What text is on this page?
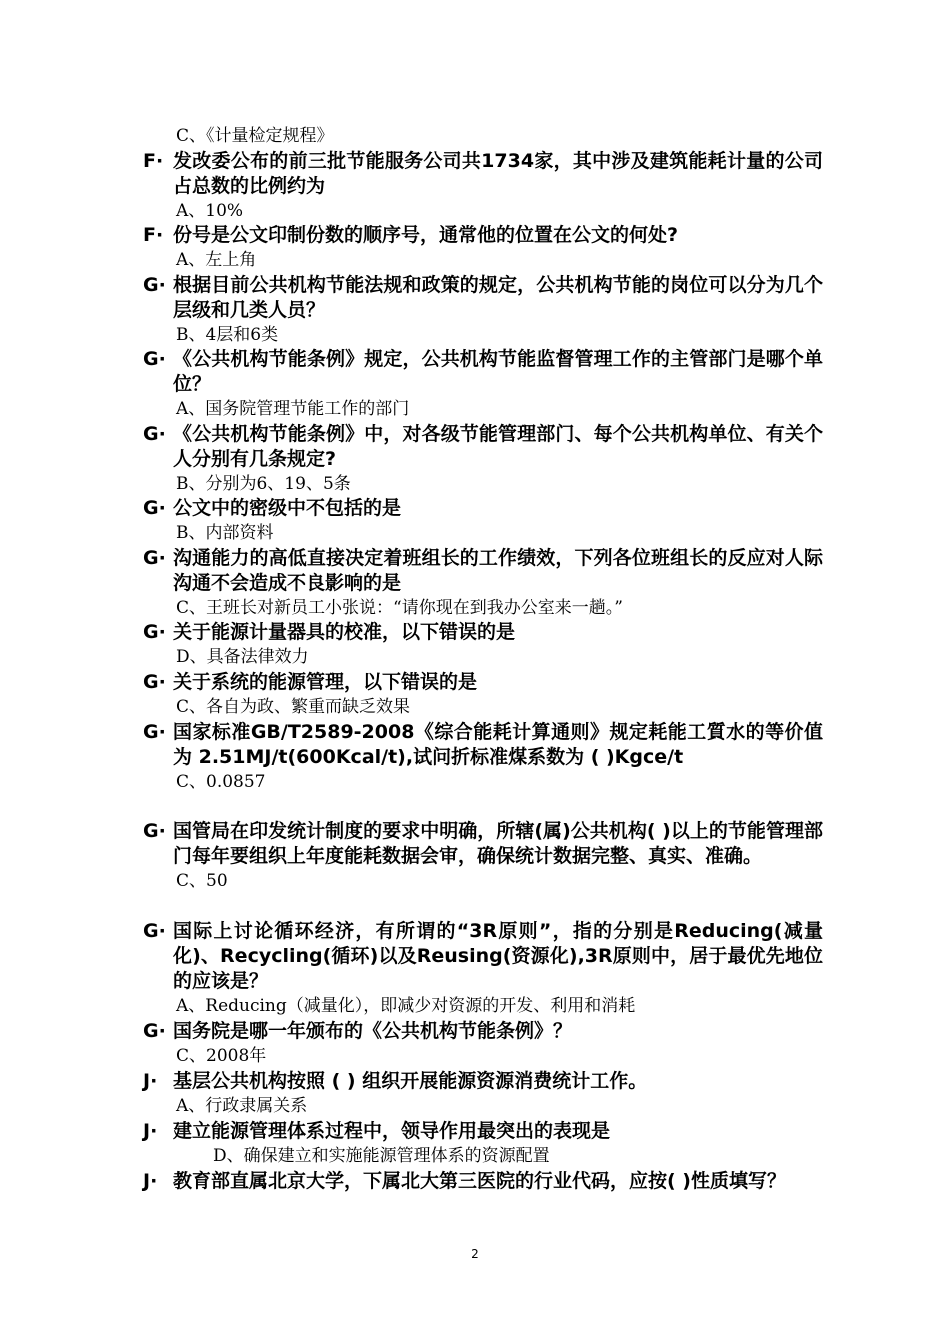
C、《计量检定规程》
F· 发改委公布的前三批节能服务公司共1734家，其中涉及建筑能耗计量的公司占总数的比例约为
A、10%
F· 份号是公文印制份数的顺序号，通常他的位置在公文的何处?
A、左上角
G· 根据目前公共机构节能法规和政策的规定，公共机构节能的岗位可以分为几个层级和几类人员？
B、4层和6类
G· 《公共机构节能条例》规定，公共机构节能监督管理工作的主管部门是哪个单位？
A、国务院管理节能工作的部门
G· 《公共机构节能条例》中，对各级节能管理部门、每个公共机构单位、有关个人分别有几条规定?
B、分别为6、19、5条
G· 公文中的密级中不包括的是
B、内部资料
G· 沟通能力的高低直接决定着班组长的工作绩效，下列各位班组长的反应对人际沟通不会造成不良影响的是
C、王班长对新员工小张说：“请你现在到我办公室来一趟。”
G· 关于能源计量器具的校准，以下错误的是
D、具备法律效力
G· 关于系统的能源管理，以下错误的是
C、各自为政、繁重而缺乏效果
G· 国家标准GB/T2589-2008《综合能耗计算通则》规定耗能工質水的等价值为 2.51MJ/t(600Kcal/t),试问折标准煤系数为 ( )Kgce/t
C、0.0857
G· 国管局在印发统计制度的要求中明确，所辖(属)公共机构( )以上的节能管理部门每年要组织上年度能耗数据会审，确保统计数据完整、真实、准确。
C、50
G· 国际上讨论循环经济，有所谓的“3R原则”，指的分别是Reducing(减量化)、Recycling(循环)以及Reusing(资源化),3R原则中，居于最优先地位的应该是？
A、Reducing（减量化），即减少对资源的开发、利用和消耗
G· 国务院是哪一年颁布的《公共机构节能条例》？
C、2008年
J· 基层公共机构按照 ( ) 组织开展能源资源消费统计工作。
A、行政隶属关系
J· 建立能源管理体系过程中，领导作用最突出的表现是
D、确保建立和实施能源管理体系的资源配置
J· 教育部直属北京大学，下属北大第三医院的行业代码，应按( )性质填写？
2
